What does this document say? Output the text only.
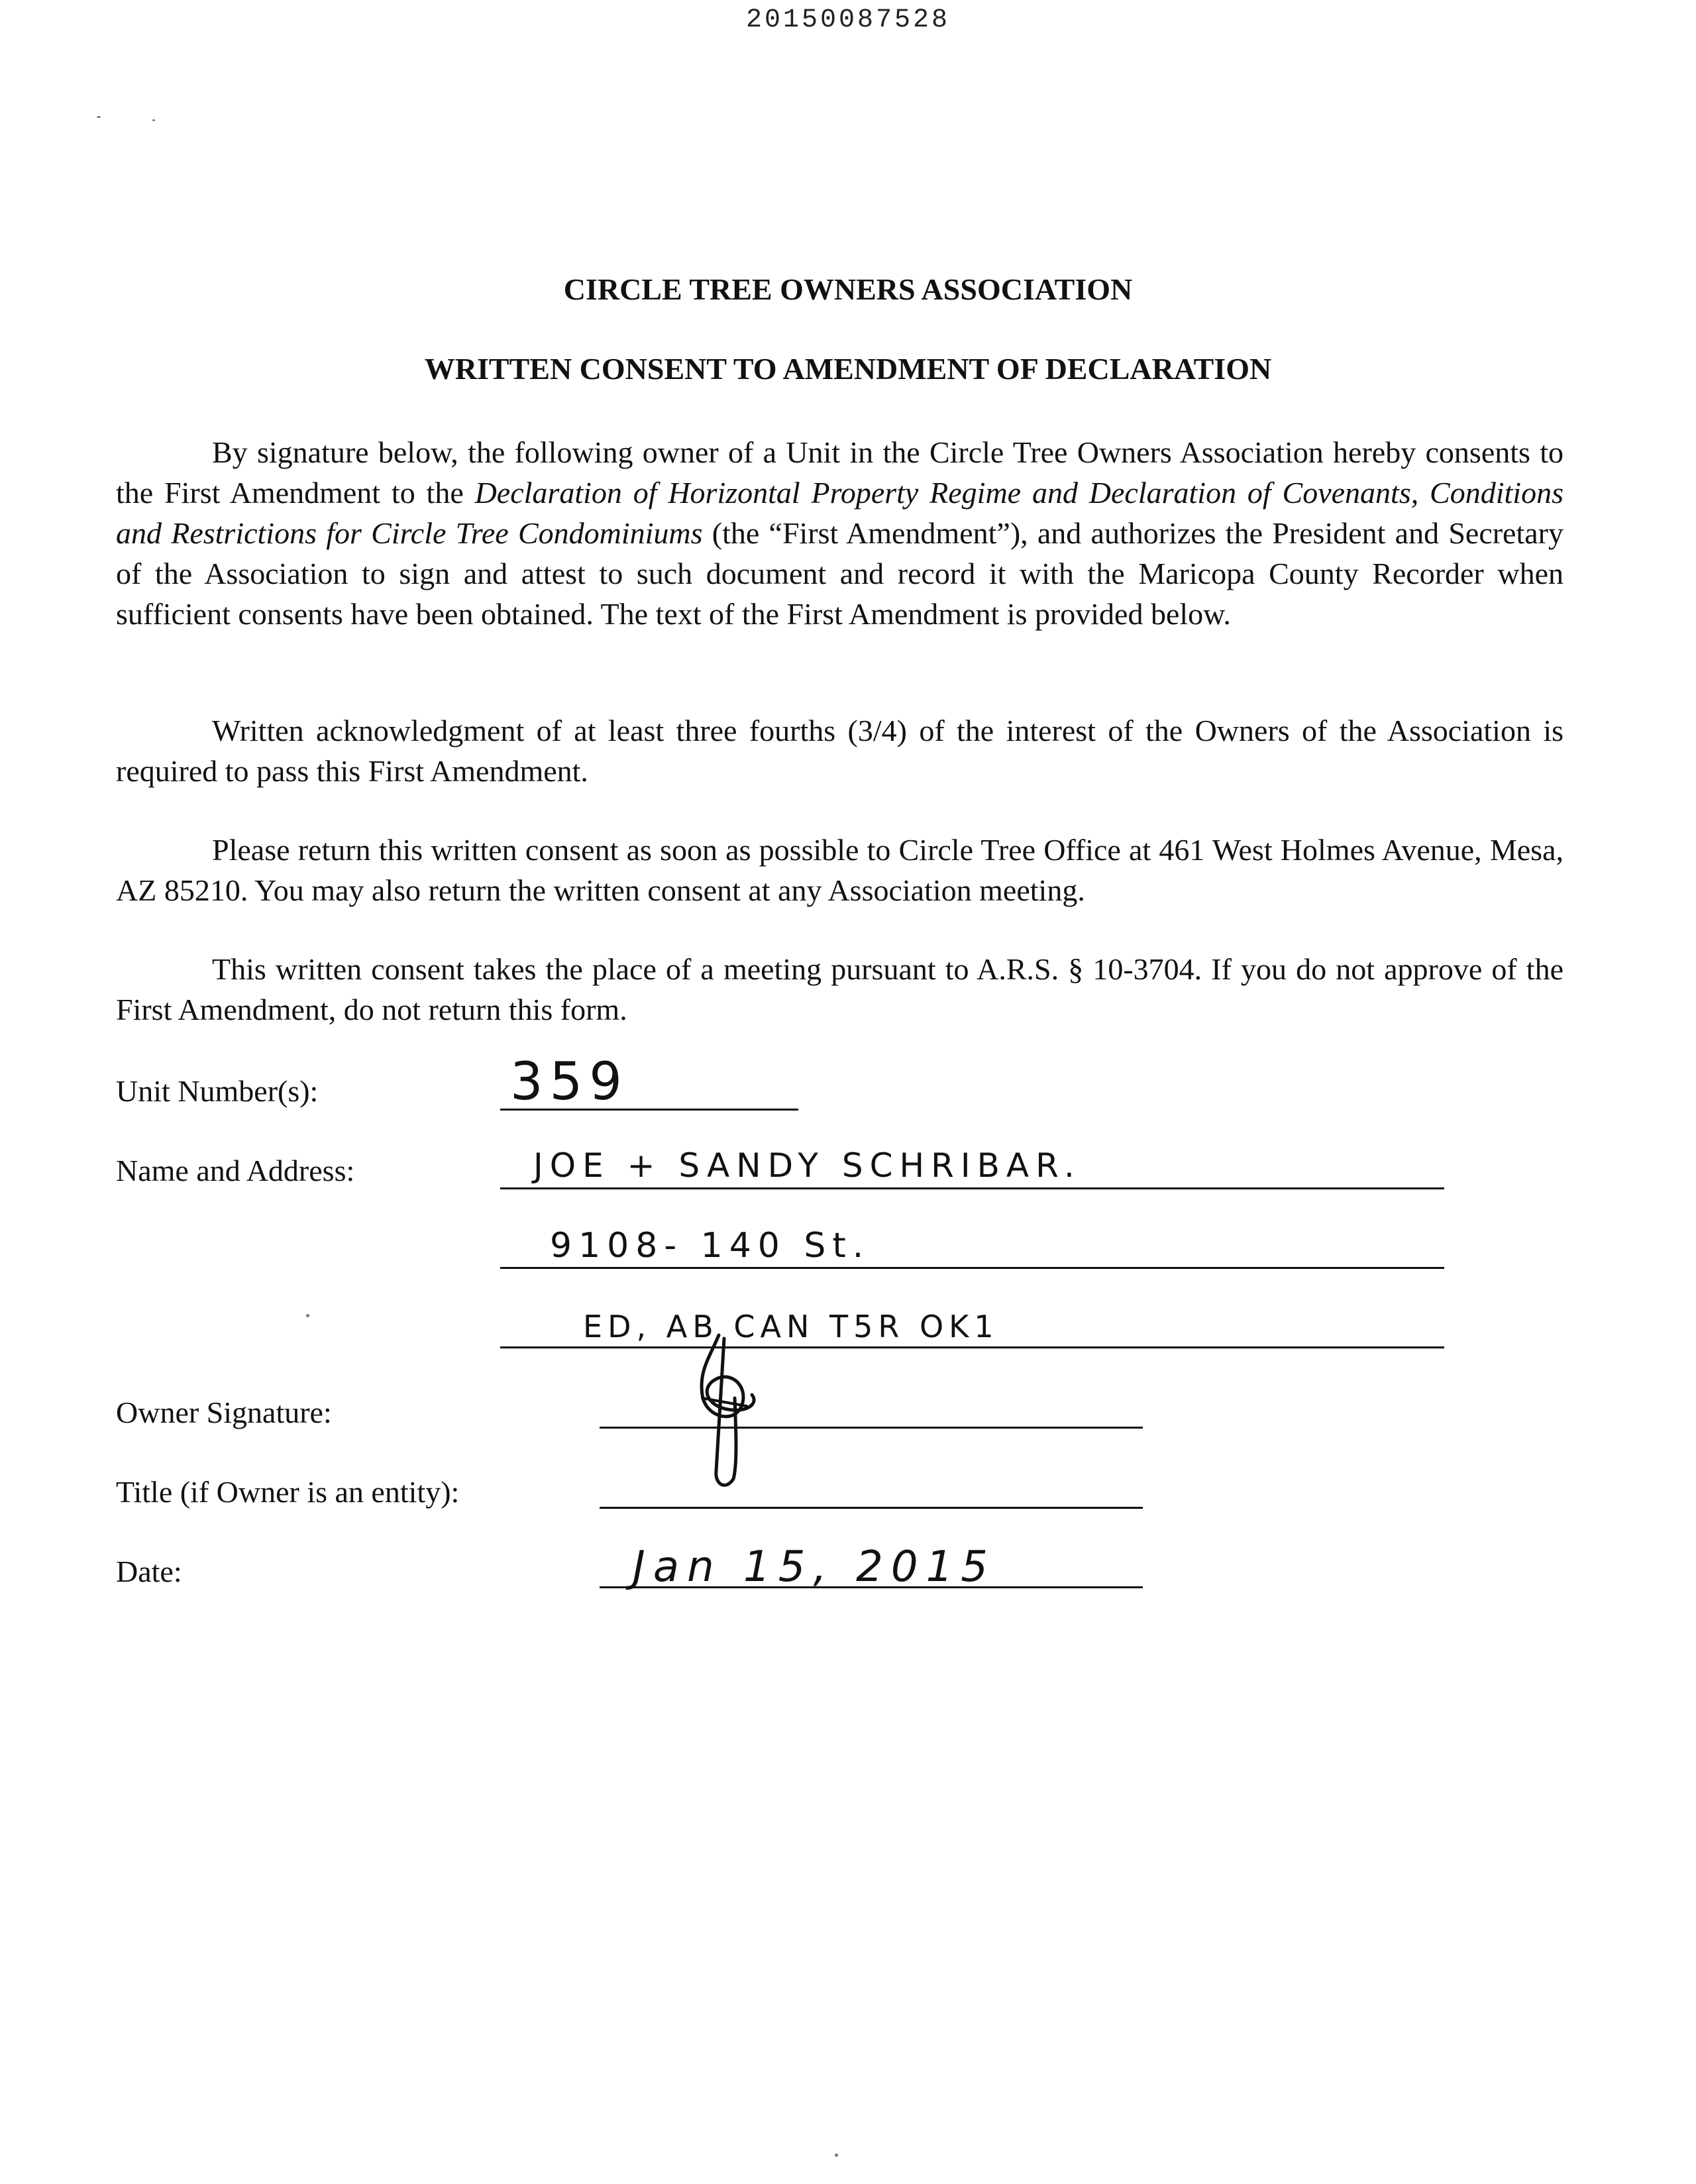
20150087528
CIRCLE TREE OWNERS ASSOCIATION
WRITTEN CONSENT TO AMENDMENT OF DECLARATION
By signature below, the following owner of a Unit in the Circle Tree Owners Association hereby consents to the First Amendment to the Declaration of Horizontal Property Regime and Declaration of Covenants, Conditions and Restrictions for Circle Tree Condominiums (the “First Amendment”), and authorizes the President and Secretary of the Association to sign and attest to such document and record it with the Maricopa County Recorder when sufficient consents have been obtained. The text of the First Amendment is provided below.
Written acknowledgment of at least three fourths (3/4) of the interest of the Owners of the Association is required to pass this First Amendment.
Please return this written consent as soon as possible to Circle Tree Office at 461 West Holmes Avenue, Mesa, AZ 85210. You may also return the written consent at any Association meeting.
This written consent takes the place of a meeting pursuant to A.R.S. § 10-3704. If you do not approve of the First Amendment, do not return this form.
Unit Number(s):	359
Name and Address:	JOE + SANDY SCHRIBAR.
9108- 140 St.
ED, AB CAN T5R OK1
Owner Signature:
Title (if Owner is an entity):
Date:	Jan 15, 2015
